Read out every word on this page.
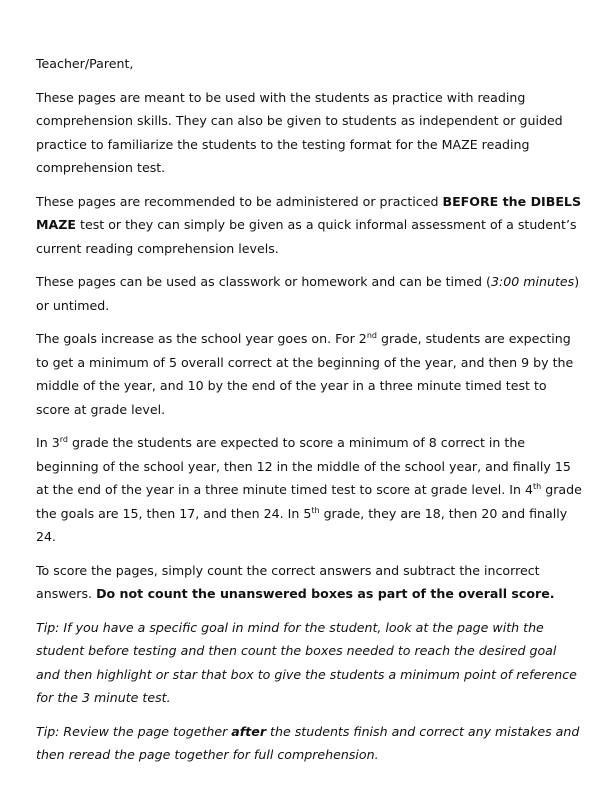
Teacher/Parent,

These pages are meant to be used with the students as practice with reading comprehension skills. They can also be given to students as independent or guided practice to familiarize the students to the testing format for the MAZE reading comprehension test.

These pages are recommended to be administered or practiced BEFORE the DIBELS MAZE test or they can simply be given as a quick informal assessment of a student’s current reading comprehension levels.

These pages can be used as classwork or homework and can be timed (3:00 minutes) or untimed.

The goals increase as the school year goes on. For 2nd grade, students are expecting to get a minimum of 5 overall correct at the beginning of the year, and then 9 by the middle of the year, and 10 by the end of the year in a three minute timed test to score at grade level.

In 3rd grade the students are expected to score a minimum of 8 correct in the beginning of the school year, then 12 in the middle of the school year, and finally 15 at the end of the year in a three minute timed test to score at grade level. In 4th grade the goals are 15, then 17, and then 24. In 5th grade, they are 18, then 20 and finally 24.

To score the pages, simply count the correct answers and subtract the incorrect answers. Do not count the unanswered boxes as part of the overall score.

Tip: If you have a specific goal in mind for the student, look at the page with the student before testing and then count the boxes needed to reach the desired goal and then highlight or star that box to give the students a minimum point of reference for the 3 minute test.

Tip: Review the page together after the students finish and correct any mistakes and then reread the page together for full comprehension.
